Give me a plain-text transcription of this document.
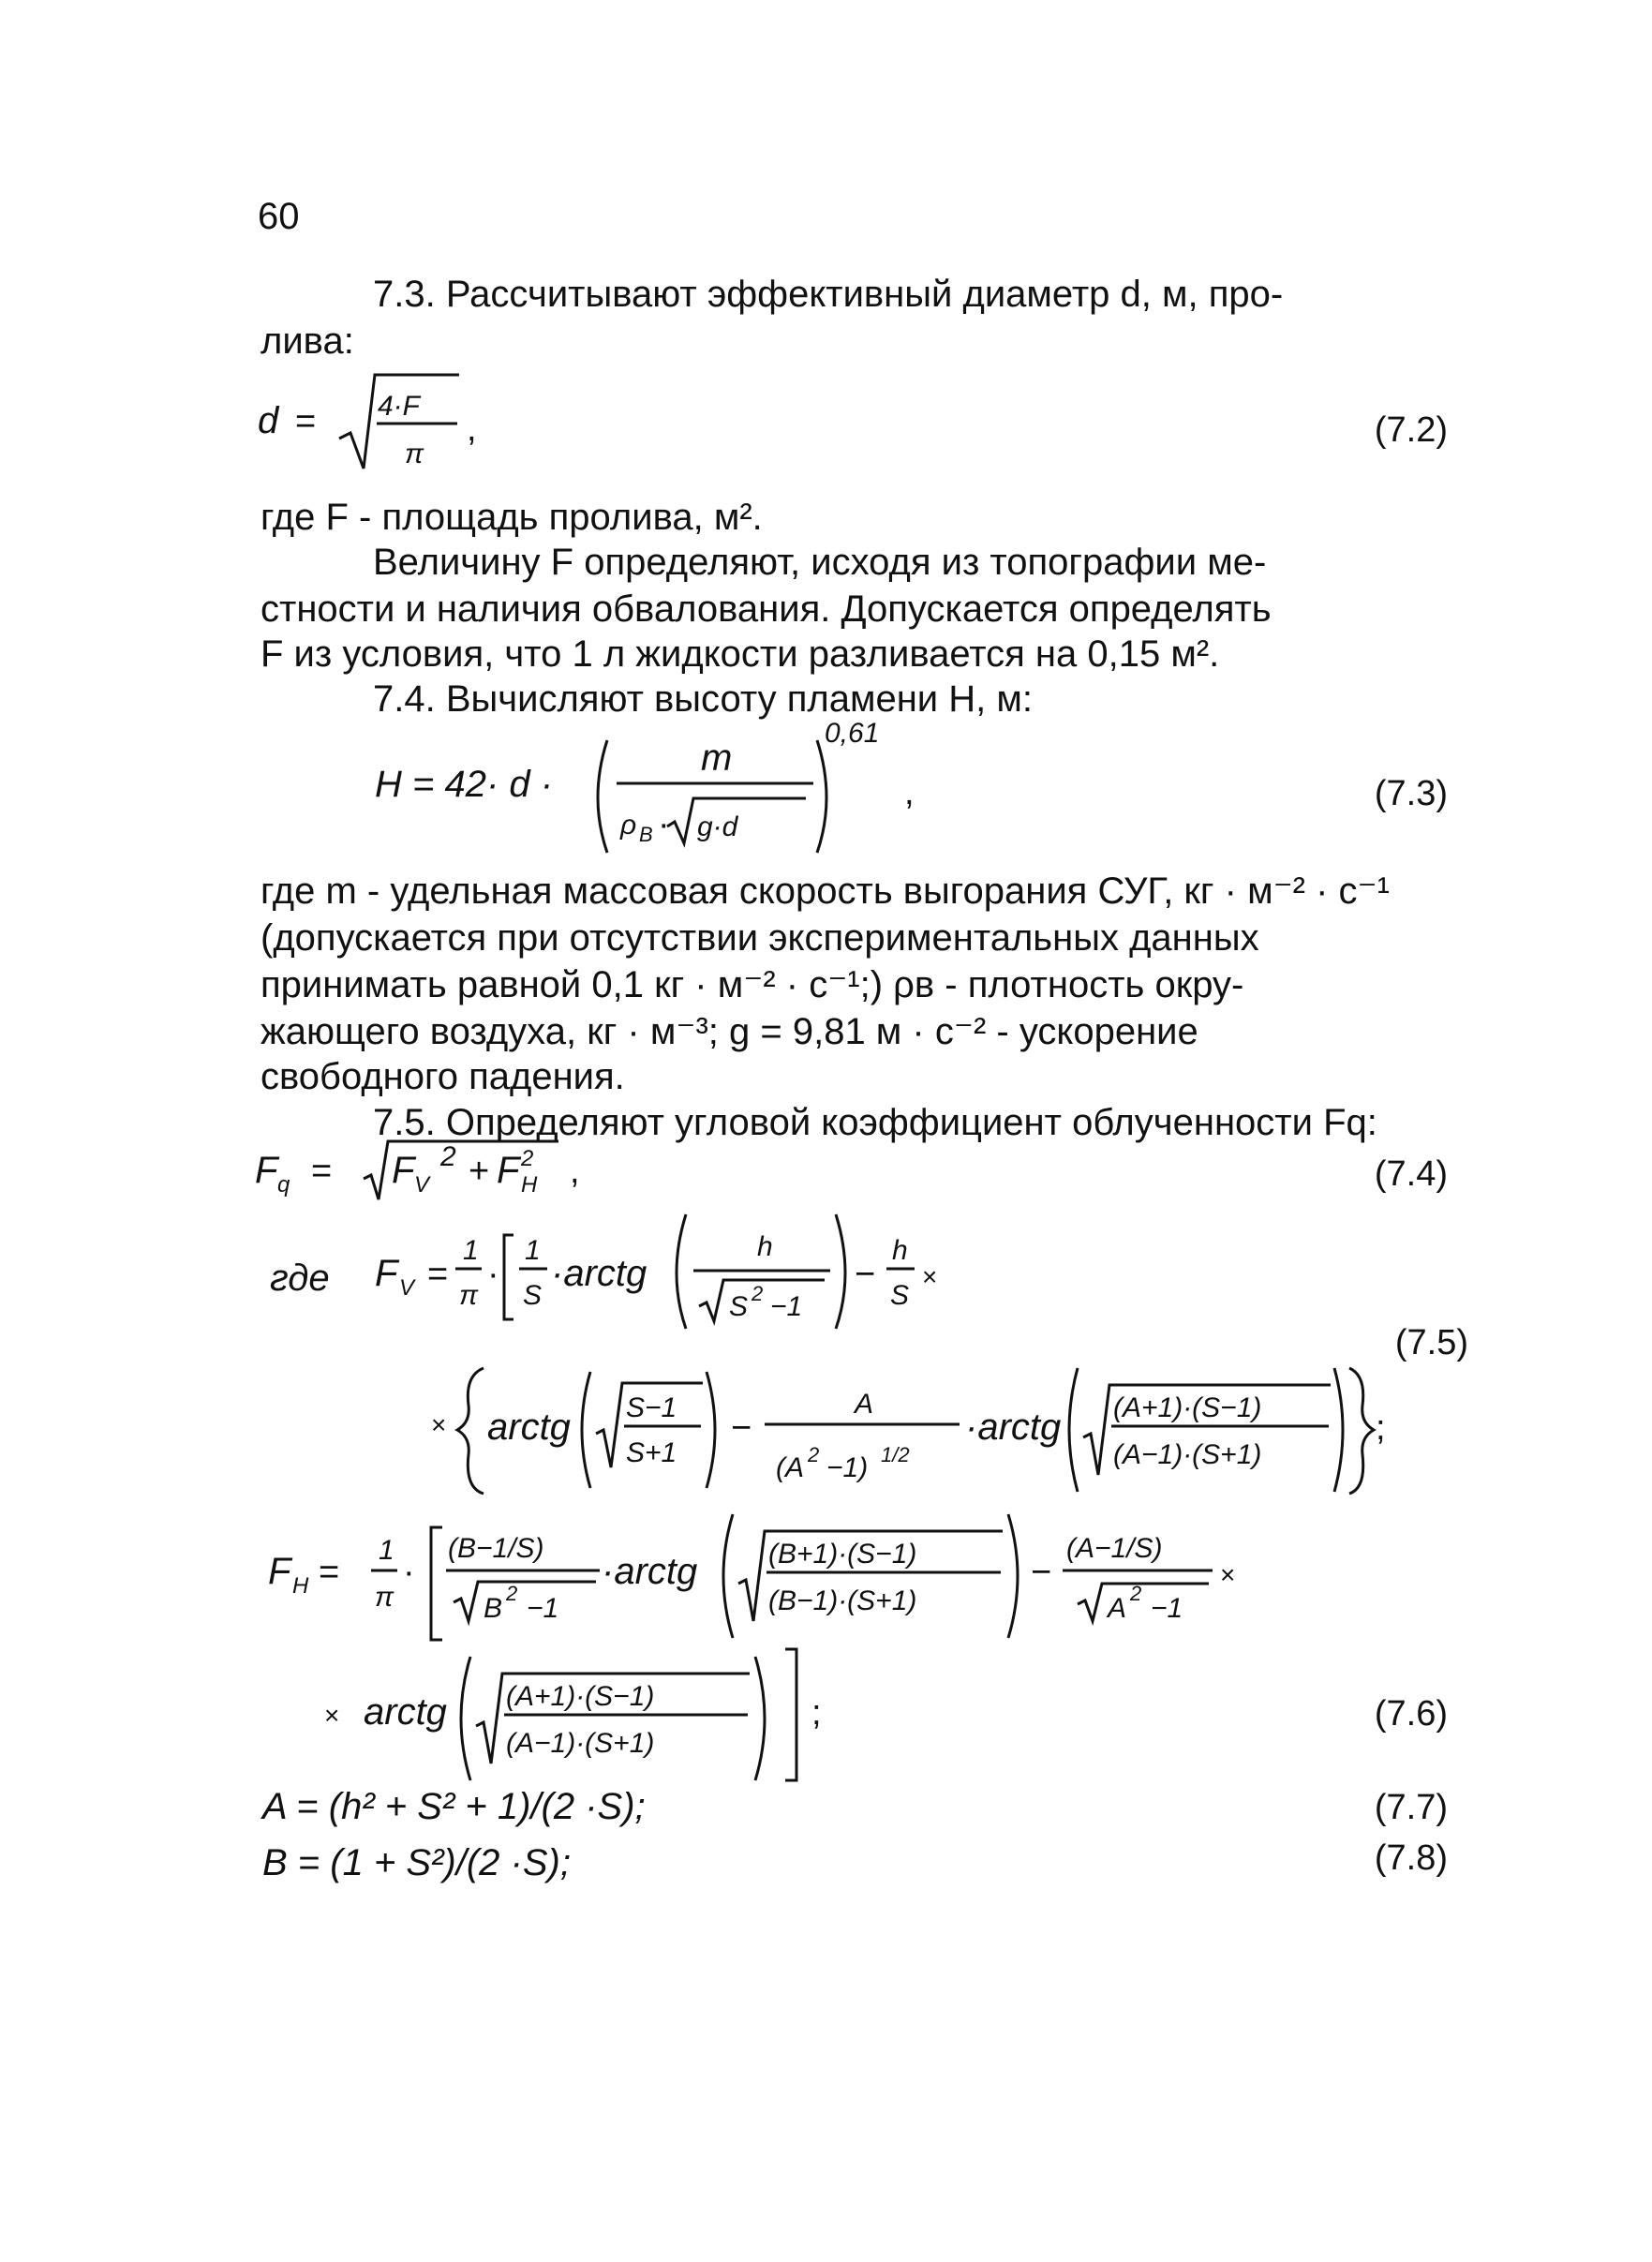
60
7.3. Рассчитывают эффективный диаметр d, м, про-
лива:
d = 4·F
π
,	(7.2)
где F - площадь пролива, м².
Величину F определяют, исходя из топографии ме-
стности и наличия обвалования. Допускается определять
F из условия, что 1 л жидкости разливается на 0,15 м².
7.4. Вычисляют высоту пламени H, м:
H = 42· d ·
m
ρ B · g·d
0,61
,	(7.3)
где m - удельная массовая скорость выгорания СУГ, кг · м⁻² · с⁻¹
(допускается при отсутствии экспериментальных данных
принимать равной 0,1 кг · м⁻² · с⁻¹;) ρв - плотность окру-
жающего воздуха, кг · м⁻³; g = 9,81 м · с⁻² - ускорение
свободного падения.
7.5. Определяют угловой коэффициент облученности Fq:
F q = F V
2 + F 2
H ,	(7.4)
где F V =
1
π
·
1
S
·arctg
h
S 2 −1
−
h
S
×
× arctg S−1
S+1
−
A
(A 2 −1) 1/2
·arctg (A+1)·(S−1)
(A−1)·(S+1)
;
(7.5)
F H =
1
π
·
(B−1/S)
B 2 −1
·arctg	(B+1)·(S−1)
(B−1)·(S+1)
−
(A−1/S)
A 2 −1
×
× arctg (A+1)·(S−1)
(A−1)·(S+1)
;	(7.6)
A = (h² + S² + 1)/(2 ·S);	(7.7)
B = (1 + S²)/(2 ·S);	(7.8)
